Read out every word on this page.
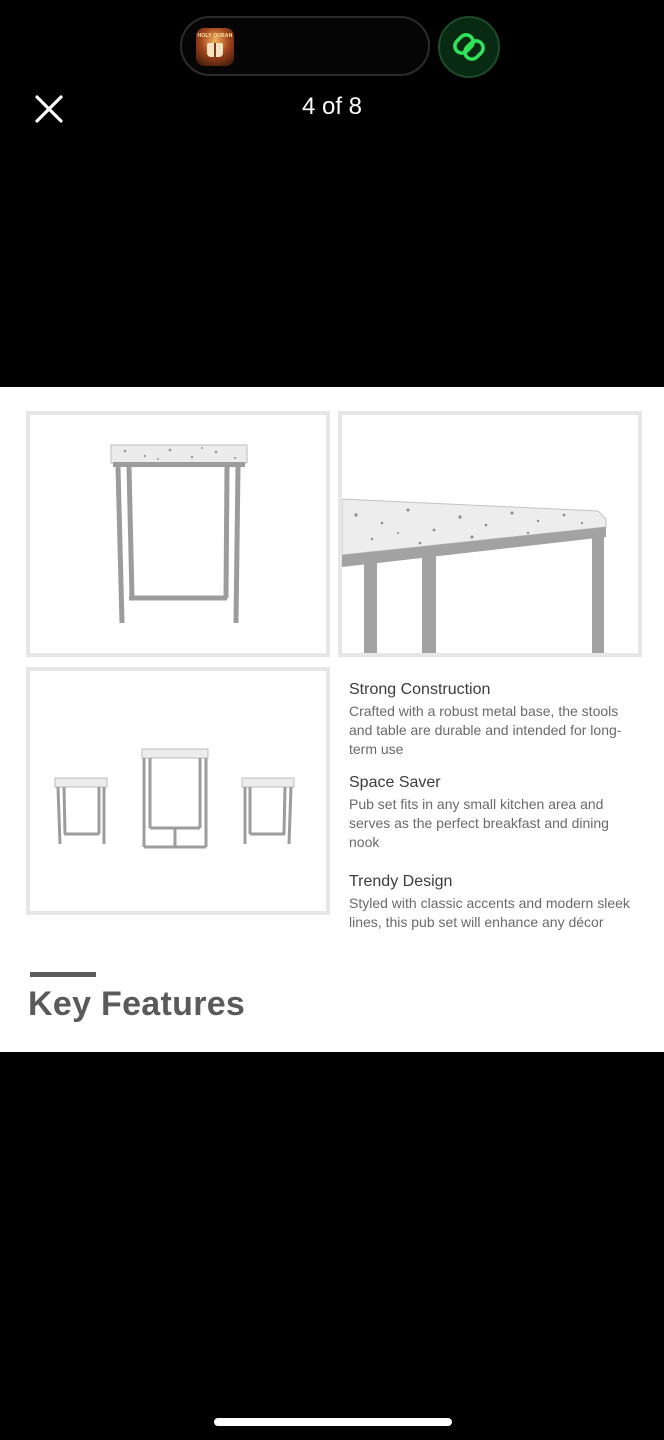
HOLY QURAN
4 of 8
Strong Construction

Crafted with a robust metal base, the stools and table are durable and intended for long-term use

Space Saver

Pub set fits in any small kitchen area and serves as the perfect breakfast and dining nook

Trendy Design

Styled with classic accents and modern sleek lines, this pub set will enhance any décor

Key Features
